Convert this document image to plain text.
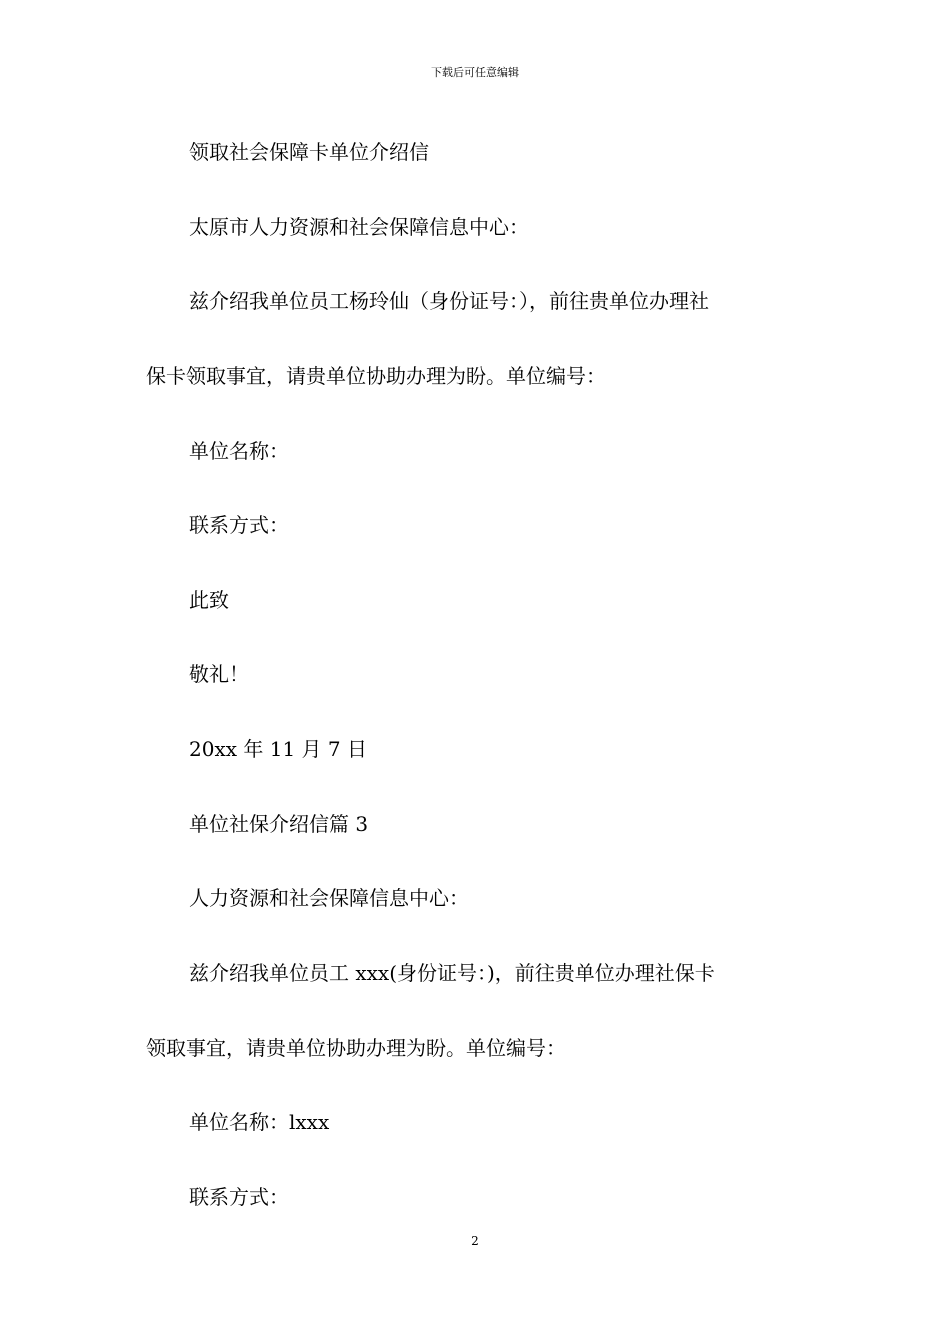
下载后可任意编辑
领取社会保障卡单位介绍信
太原市人力资源和社会保障信息中心：
兹介绍我单位员工杨玲仙（身份证号：），前往贵单位办理社
保卡领取事宜，请贵单位协助办理为盼。单位编号：
单位名称：
联系方式：
此致
敬礼！
20xx 年 11 月 7 日
单位社保介绍信篇 3
人力资源和社会保障信息中心：
兹介绍我单位员工 xxx(身份证号：)，前往贵单位办理社保卡
领取事宜，请贵单位协助办理为盼。单位编号：
单位名称：lxxx
联系方式：
2
